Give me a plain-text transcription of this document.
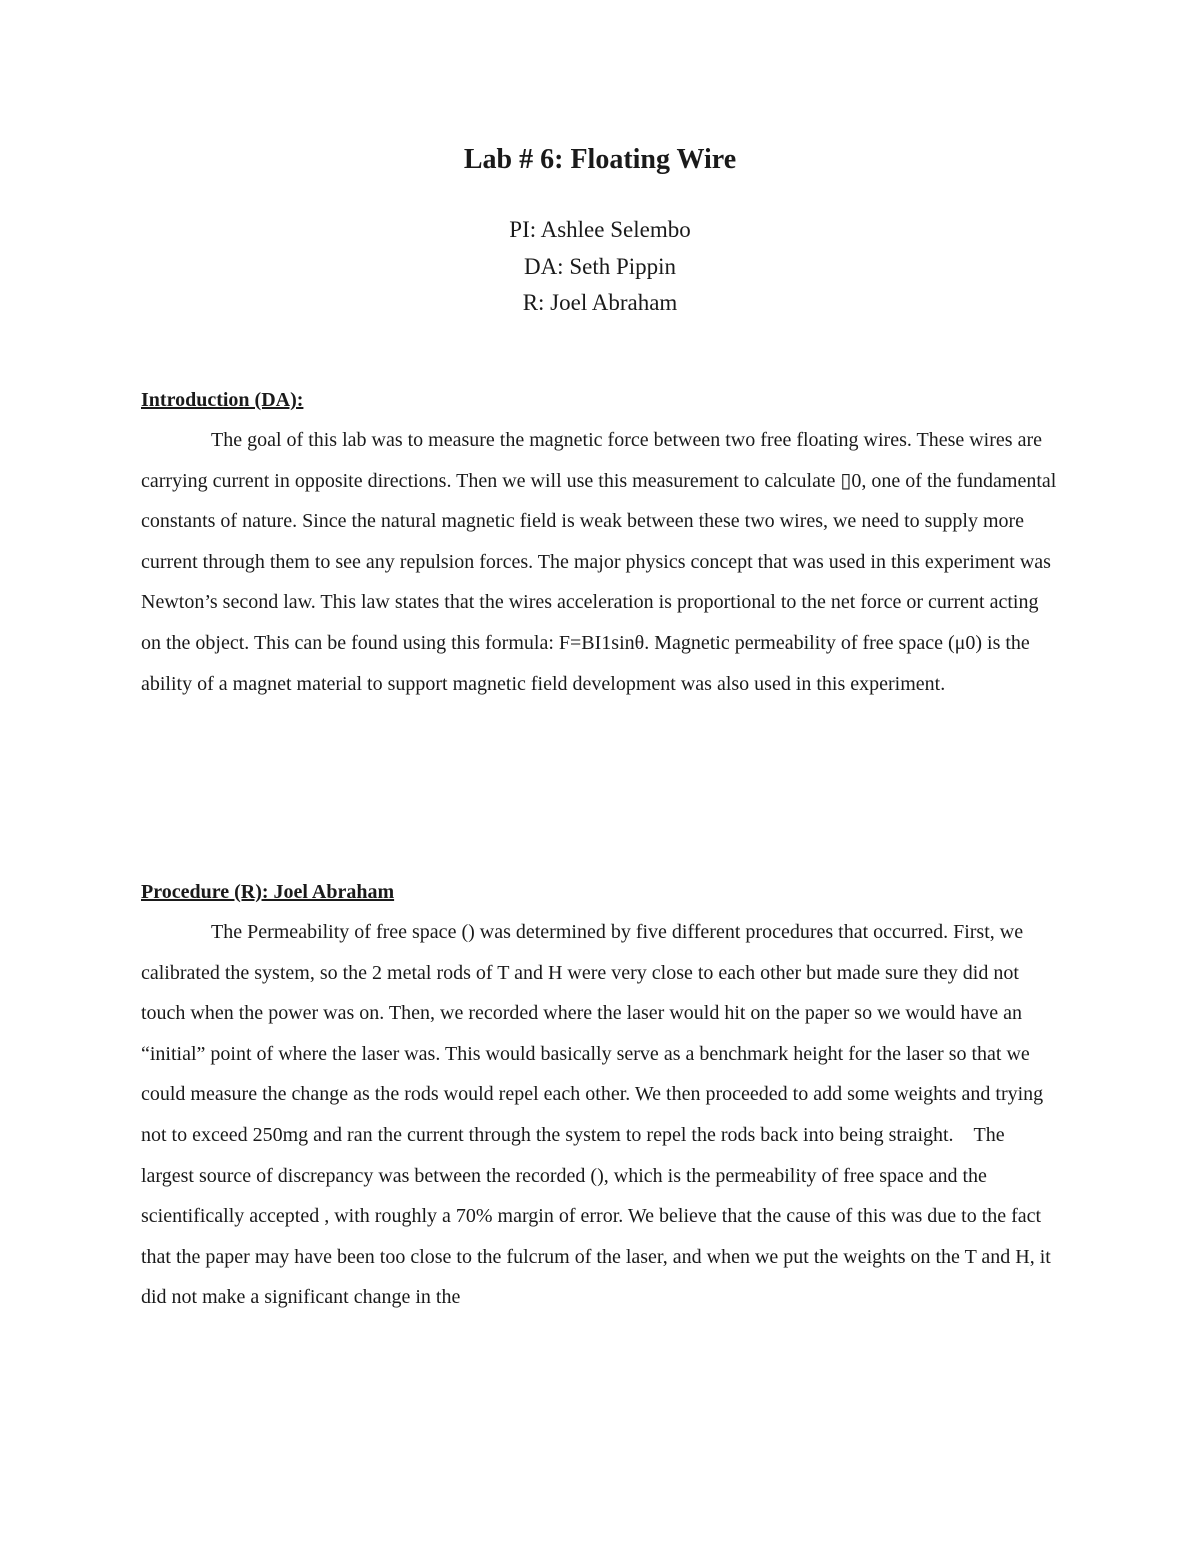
Lab # 6: Floating Wire

PI: Ashlee Selembo

DA: Seth Pippin

R: Joel Abraham

Introduction (DA):

The goal of this lab was to measure the magnetic force between two free floating wires. These wires are carrying current in opposite directions. Then we will use this measurement to calculate ▯0, one of the fundamental constants of nature. Since the natural magnetic field is weak between these two wires, we need to supply more current through them to see any repulsion forces. The major physics concept that was used in this experiment was Newton’s second law. This law states that the wires acceleration is proportional to the net force or current acting on the object. This can be found using this formula: F=BI1sinθ. Magnetic permeability of free space (μ0) is the ability of a magnet material to support magnetic field development was also used in this experiment.

Procedure (R): Joel Abraham

The Permeability of free space () was determined by five different procedures that occurred. First, we calibrated the system, so the 2 metal rods of T and H were very close to each other but made sure they did not touch when the power was on. Then, we recorded where the laser would hit on the paper so we would have an “initial” point of where the laser was. This would basically serve as a benchmark height for the laser so that we could measure the change as the rods would repel each other. We then proceeded to add some weights and trying not to exceed 250mg and ran the current through the system to repel the rods back into being straight.    The largest source of discrepancy was between the recorded (), which is the permeability of free space and the scientifically accepted , with roughly a 70% margin of error. We believe that the cause of this was due to the fact that the paper may have been too close to the fulcrum of the laser, and when we put the weights on the T and H, it did not make a significant change in the
